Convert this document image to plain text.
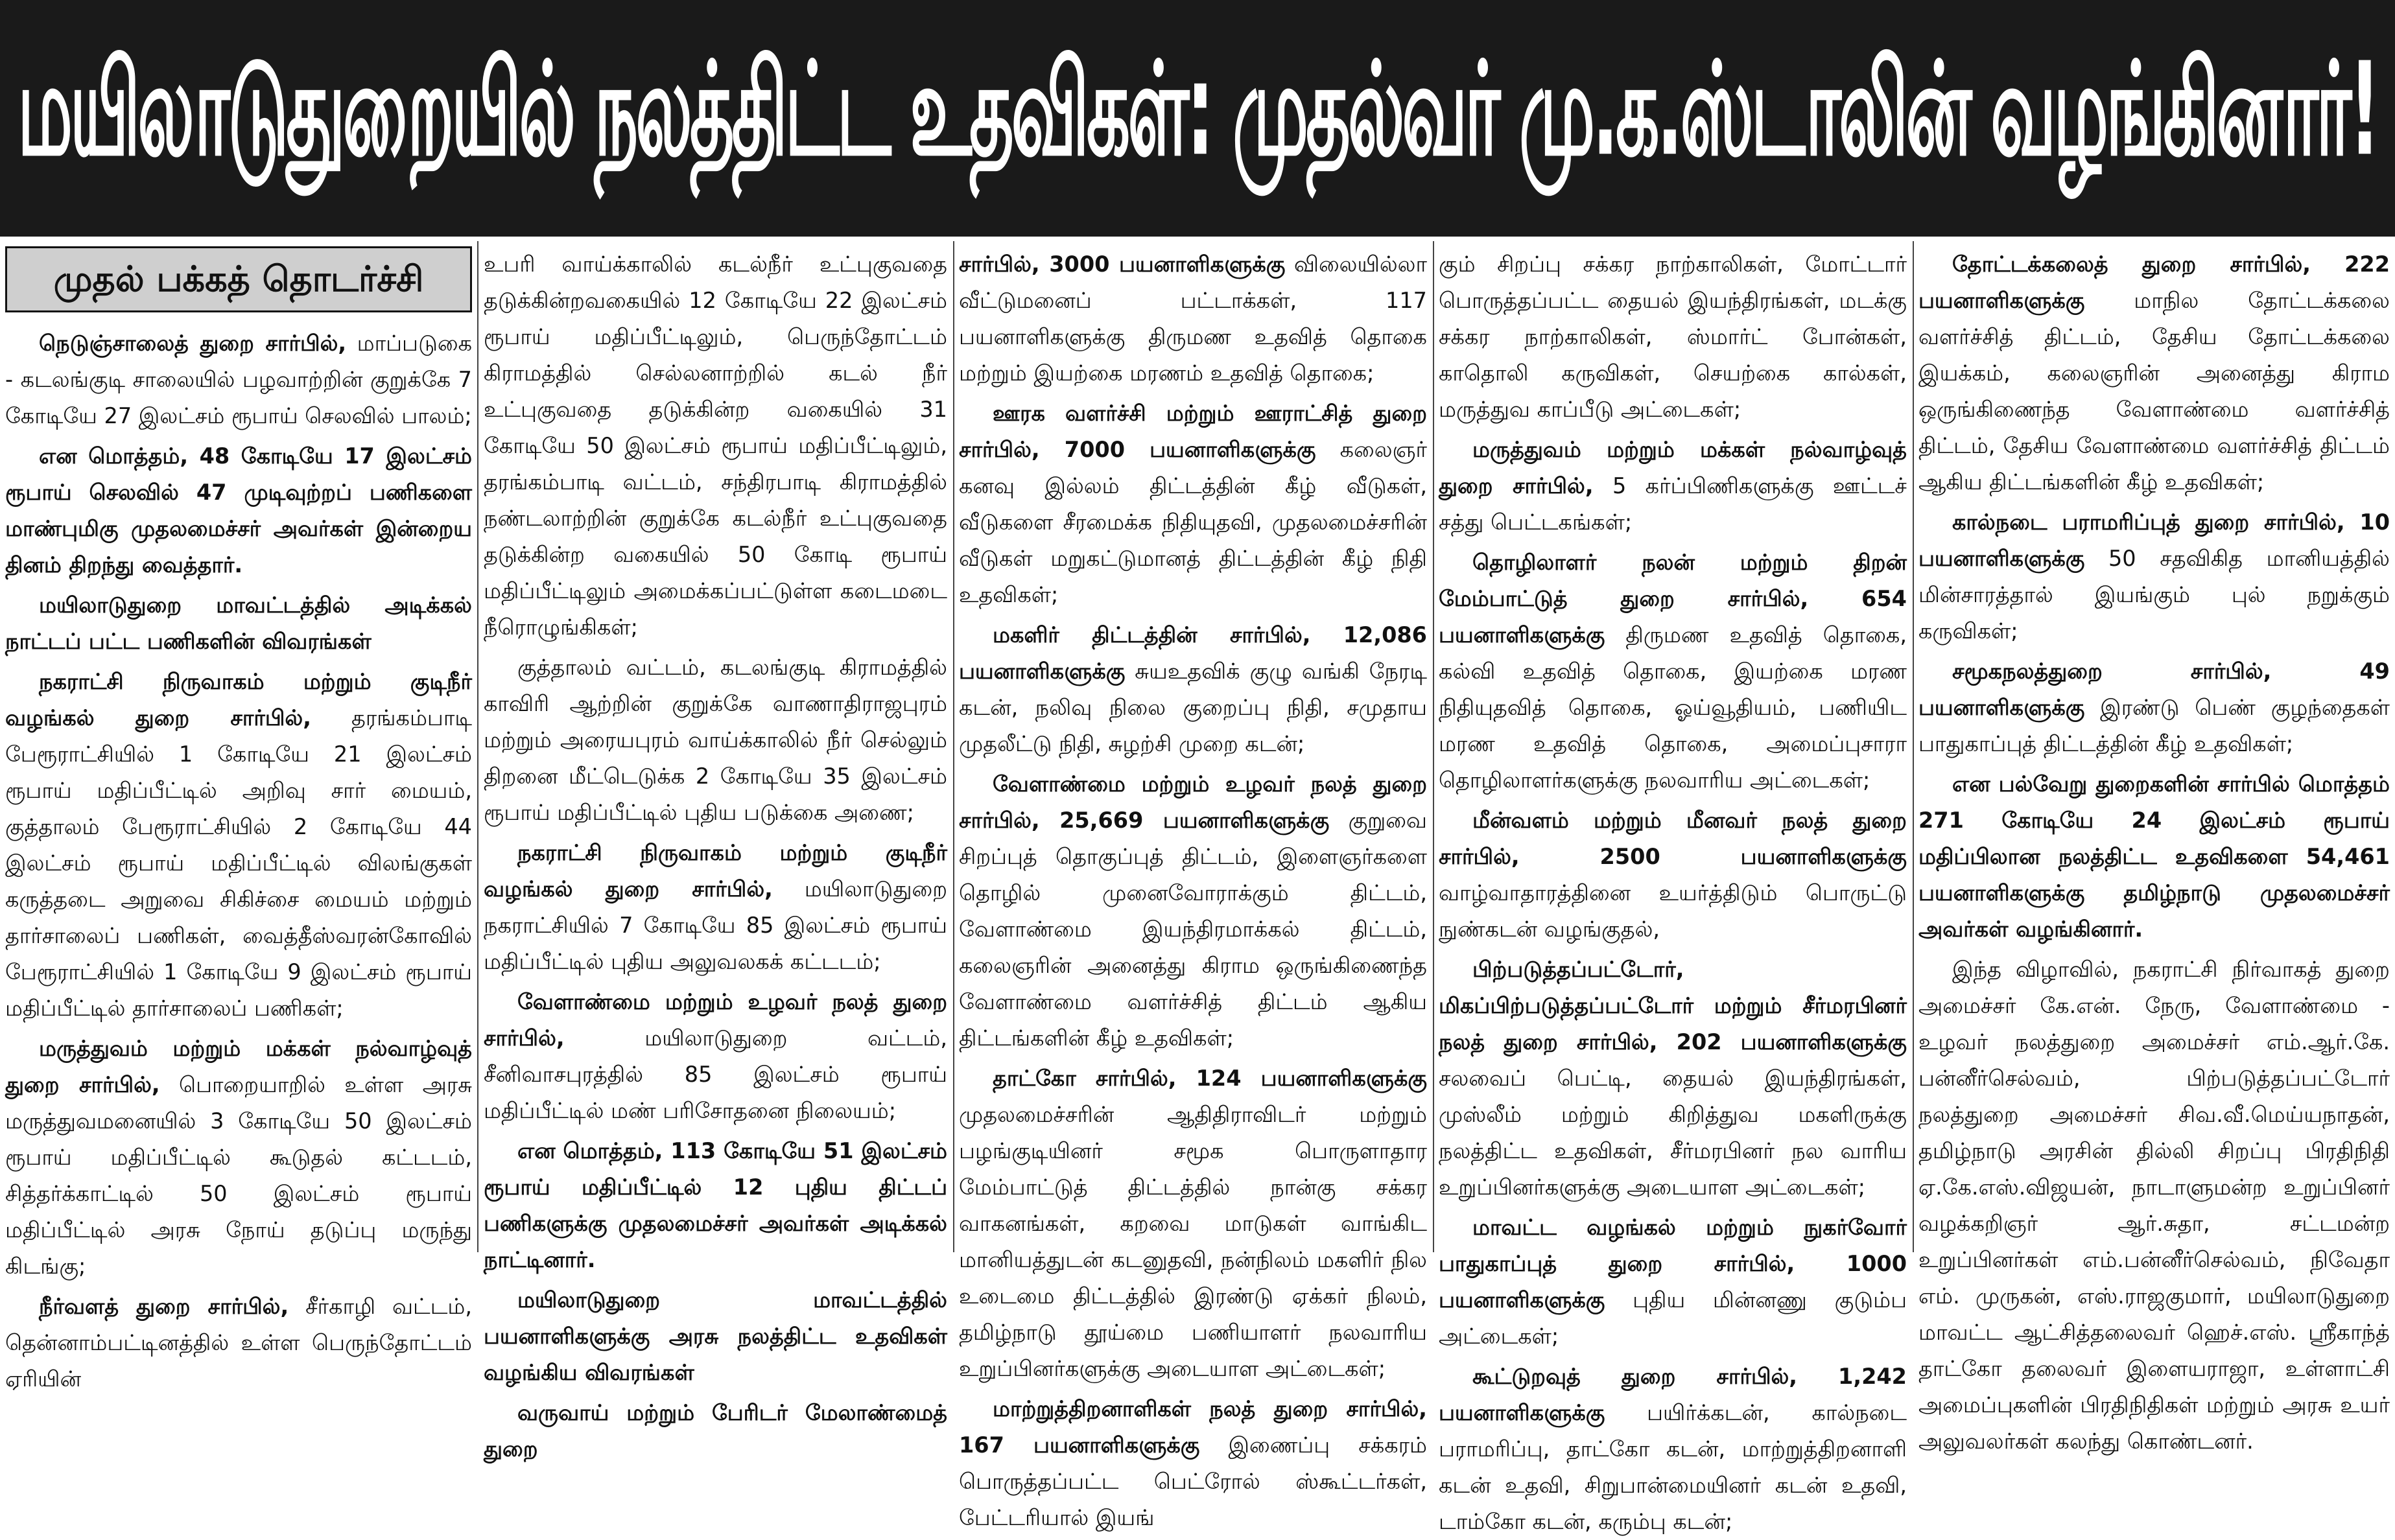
மயிலாடுதுறையில் நலத்திட்ட உதவிகள்: முதல்வர் மு.க.ஸ்டாலின் வழங்கினார்!
முதல் பக்கத் தொடர்ச்சி

நெடுஞ்சாலைத் துறை சார்பில், மாப்படுகை - கடலங்குடி சாலையில் பழவாற்றின் குறுக்கே 7 கோடியே 27 இலட்சம் ரூபாய் செலவில் பாலம்;

என மொத்தம், 48 கோடியே 17 இலட்சம் ரூபாய் செலவில் 47 முடிவுற்றப் பணிகளை மாண்புமிகு முதலமைச்சர் அவர்கள் இன்றைய தினம் திறந்து வைத்தார்.

மயிலாடுதுறை மாவட்டத்தில் அடிக்கல் நாட்டப் பட்ட பணிகளின் விவரங்கள்

நகராட்சி நிருவாகம் மற்றும் குடிநீர் வழங்கல் துறை சார்பில், தரங்கம்பாடி பேரூராட்சியில் 1 கோடியே 21 இலட்சம் ரூபாய் மதிப்பீட்டில் அறிவு சார் மையம், குத்தாலம் பேரூராட்சியில் 2 கோடியே 44 இலட்சம் ரூபாய் மதிப்பீட்டில் விலங்குகள் கருத்தடை அறுவை சிகிச்சை மையம் மற்றும் தார்சாலைப் பணிகள், வைத்தீஸ்வரன்கோவில் பேரூராட்சியில் 1 கோடியே 9 இலட்சம் ரூபாய் மதிப்பீட்டில் தார்சாலைப் பணிகள்;

மருத்துவம் மற்றும் மக்கள் நல்வாழ்வுத் துறை சார்பில், பொறையாறில் உள்ள அரசு மருத்துவமனையில் 3 கோடியே 50 இலட்சம் ரூபாய் மதிப்பீட்டில் கூடுதல் கட்டடம், சித்தர்க்காட்டில் 50 இலட்சம் ரூபாய் மதிப்பீட்டில் அரசு நோய் தடுப்பு மருந்து கிடங்கு;

நீர்வளத் துறை சார்பில், சீர்காழி வட்டம், தென்னாம்பட்டினத்தில் உள்ள பெருந்தோட்டம் ஏரியின்

உபரி வாய்க்காலில் கடல்நீர் உட்புகுவதை தடுக்கின்றவகையில் 12 கோடியே 22 இலட்சம் ரூபாய் மதிப்பீட்டிலும், பெருந்தோட்டம் கிராமத்தில் செல்லனாற்றில் கடல் நீர் உட்புகுவதை தடுக்கின்ற வகையில் 31 கோடியே 50 இலட்சம் ரூபாய் மதிப்பீட்டிலும், தரங்கம்பாடி வட்டம், சந்திரபாடி கிராமத்தில் நண்டலாற்றின் குறுக்கே கடல்நீர் உட்புகுவதை தடுக்கின்ற வகையில் 50 கோடி ரூபாய் மதிப்பீட்டிலும் அமைக்கப்பட்டுள்ள கடைமடை நீரொழுங்கிகள்;

குத்தாலம் வட்டம், கடலங்குடி கிராமத்தில் காவிரி ஆற்றின் குறுக்கே வாணாதிராஜபுரம் மற்றும் அரையபுரம் வாய்க்காலில் நீர் செல்லும் திறனை மீட்டெடுக்க 2 கோடியே 35 இலட்சம் ரூபாய் மதிப்பீட்டில் புதிய படுக்கை அணை;

நகராட்சி நிருவாகம் மற்றும் குடிநீர் வழங்கல் துறை சார்பில், மயிலாடுதுறை நகராட்சியில் 7 கோடியே 85 இலட்சம் ரூபாய் மதிப்பீட்டில் புதிய அலுவலகக் கட்டடம்;

வேளாண்மை மற்றும் உழவர் நலத் துறை சார்பில், மயிலாடுதுறை வட்டம், சீனிவாசபுரத்தில் 85 இலட்சம் ரூபாய் மதிப்பீட்டில் மண் பரிசோதனை நிலையம்;

என மொத்தம், 113 கோடியே 51 இலட்சம் ரூபாய் மதிப்பீட்டில் 12 புதிய திட்டப் பணிகளுக்கு முதலமைச்சர் அவர்கள் அடிக்கல் நாட்டினார்.

மயிலாடுதுறை மாவட்டத்தில் பயனாளிகளுக்கு அரசு நலத்திட்ட உதவிகள் வழங்கிய விவரங்கள்

வருவாய் மற்றும் பேரிடர் மேலாண்மைத் துறை

சார்பில், 3000 பயனாளிகளுக்கு விலையில்லா வீட்டுமனைப் பட்டாக்கள், 117 பயனாளிகளுக்கு திருமண உதவித் தொகை மற்றும் இயற்கை மரணம் உதவித் தொகை;

ஊரக வளர்ச்சி மற்றும் ஊராட்சித் துறை சார்பில், 7000 பயனாளிகளுக்கு கலைஞர் கனவு இல்லம் திட்டத்தின் கீழ் வீடுகள், வீடுகளை சீரமைக்க நிதியுதவி, முதலமைச்சரின் வீடுகள் மறுகட்டுமானத் திட்டத்தின் கீழ் நிதி உதவிகள்;

மகளிர் திட்டத்தின் சார்பில், 12,086 பயனாளிகளுக்கு சுயஉதவிக் குழு வங்கி நேரடி கடன், நலிவு நிலை குறைப்பு நிதி, சமுதாய முதலீட்டு நிதி, சுழற்சி முறை கடன்;

வேளாண்மை மற்றும் உழவர் நலத் துறை சார்பில், 25,669 பயனாளிகளுக்கு குறுவை சிறப்புத் தொகுப்புத் திட்டம், இளைஞர்களை தொழில் முனைவோராக்கும் திட்டம், வேளாண்மை இயந்திரமாக்கல் திட்டம், கலைஞரின் அனைத்து கிராம ஒருங்கிணைந்த வேளாண்மை வளர்ச்சித் திட்டம் ஆகிய திட்டங்களின் கீழ் உதவிகள்;

தாட்கோ சார்பில், 124 பயனாளிகளுக்கு முதலமைச்சரின் ஆதிதிராவிடர் மற்றும் பழங்குடியினர் சமூக பொருளாதார மேம்பாட்டுத் திட்டத்தில் நான்கு சக்கர வாகனங்கள், கறவை மாடுகள் வாங்கிட மானியத்துடன் கடனுதவி, நன்நிலம் மகளிர் நில உடைமை திட்டத்தில் இரண்டு ஏக்கர் நிலம், தமிழ்நாடு தூய்மை பணியாளர் நலவாரிய உறுப்பினர்களுக்கு அடையாள அட்டைகள்;

மாற்றுத்திறனாளிகள் நலத் துறை சார்பில், 167 பயனாளிகளுக்கு இணைப்பு சக்கரம் பொருத்தப்பட்ட பெட்ரோல் ஸ்கூட்டர்கள், பேட்டரியால் இயங்

கும் சிறப்பு சக்கர நாற்காலிகள், மோட்டார் பொருத்தப்பட்ட தையல் இயந்திரங்கள், மடக்கு சக்கர நாற்காலிகள், ஸ்மார்ட் போன்கள், காதொலி கருவிகள், செயற்கை கால்கள், மருத்துவ காப்பீடு அட்டைகள்;

மருத்துவம் மற்றும் மக்கள் நல்வாழ்வுத் துறை சார்பில், 5 கர்ப்பிணிகளுக்கு ஊட்டச் சத்து பெட்டகங்கள்;

தொழிலாளர் நலன் மற்றும் திறன் மேம்பாட்டுத் துறை சார்பில், 654 பயனாளிகளுக்கு திருமண உதவித் தொகை, கல்வி உதவித் தொகை, இயற்கை மரண நிதியுதவித் தொகை, ஓய்வூதியம், பணியிட மரண உதவித் தொகை, அமைப்புசாரா தொழிலாளர்களுக்கு நலவாரிய அட்டைகள்;

மீன்வளம் மற்றும் மீனவர் நலத் துறை சார்பில், 2500 பயனாளிகளுக்கு வாழ்வாதாரத்தினை உயர்த்திடும் பொருட்டு நுண்கடன் வழங்குதல்,

பிற்படுத்தப்பட்டோர், மிகப்பிற்படுத்தப்பட்டோர் மற்றும் சீர்மரபினர் நலத் துறை சார்பில், 202 பயனாளிகளுக்கு சலவைப் பெட்டி, தையல் இயந்திரங்கள், முஸ்லீம் மற்றும் கிறித்துவ மகளிருக்கு நலத்திட்ட உதவிகள், சீர்மரபினர் நல வாரிய உறுப்பினர்களுக்கு அடையாள அட்டைகள்;

மாவட்ட வழங்கல் மற்றும் நுகர்வோர் பாதுகாப்புத் துறை சார்பில், 1000 பயனாளிகளுக்கு புதிய மின்னணு குடும்ப அட்டைகள்;

கூட்டுறவுத் துறை சார்பில், 1,242 பயனாளிகளுக்கு பயிர்க்கடன், கால்நடை பராமரிப்பு, தாட்கோ கடன், மாற்றுத்திறனாளி கடன் உதவி, சிறுபான்மையினர் கடன் உதவி, டாம்கோ கடன், கரும்பு கடன்;

தோட்டக்கலைத் துறை சார்பில், 222 பயனாளிகளுக்கு மாநில தோட்டக்கலை வளர்ச்சித் திட்டம், தேசிய தோட்டக்கலை இயக்கம், கலைஞரின் அனைத்து கிராம ஒருங்கிணைந்த வேளாண்மை வளர்ச்சித் திட்டம், தேசிய வேளாண்மை வளர்ச்சித் திட்டம் ஆகிய திட்டங்களின் கீழ் உதவிகள்;

கால்நடை பராமரிப்புத் துறை சார்பில், 10 பயனாளிகளுக்கு 50 சதவிகித மானியத்தில் மின்சாரத்தால் இயங்கும் புல் நறுக்கும் கருவிகள்;

சமூகநலத்துறை சார்பில், 49 பயனாளிகளுக்கு இரண்டு பெண் குழந்தைகள் பாதுகாப்புத் திட்டத்தின் கீழ் உதவிகள்;

என பல்வேறு துறைகளின் சார்பில் மொத்தம் 271 கோடியே 24 இலட்சம் ரூபாய் மதிப்பிலான நலத்திட்ட உதவிகளை 54,461 பயனாளிகளுக்கு தமிழ்நாடு முதலமைச்சர் அவர்கள் வழங்கினார்.

இந்த விழாவில், நகராட்சி நிர்வாகத் துறை அமைச்சர் கே.என். நேரு, வேளாண்மை - உழவர் நலத்துறை அமைச்சர் எம்.ஆர்.கே. பன்னீர்செல்வம், பிற்படுத்தப்பட்டோர் நலத்துறை அமைச்சர் சிவ.வீ.மெய்யநாதன், தமிழ்நாடு அரசின் தில்லி சிறப்பு பிரதிநிதி ஏ.கே.எஸ்.விஜயன், நாடாளுமன்ற உறுப்பினர் வழக்கறிஞர் ஆர்.சுதா, சட்டமன்ற உறுப்பினர்கள் எம்.பன்னீர்செல்வம், நிவேதா எம். முருகன், எஸ்.ராஜகுமார், மயிலாடுதுறை மாவட்ட ஆட்சித்தலைவர் ஹெச்.எஸ். ஸ்ரீகாந்த் தாட்கோ தலைவர் இளையராஜா, உள்ளாட்சி அமைப்புகளின் பிரதிநிதிகள் மற்றும் அரசு உயர் அலுவலர்கள் கலந்து கொண்டனர்.
